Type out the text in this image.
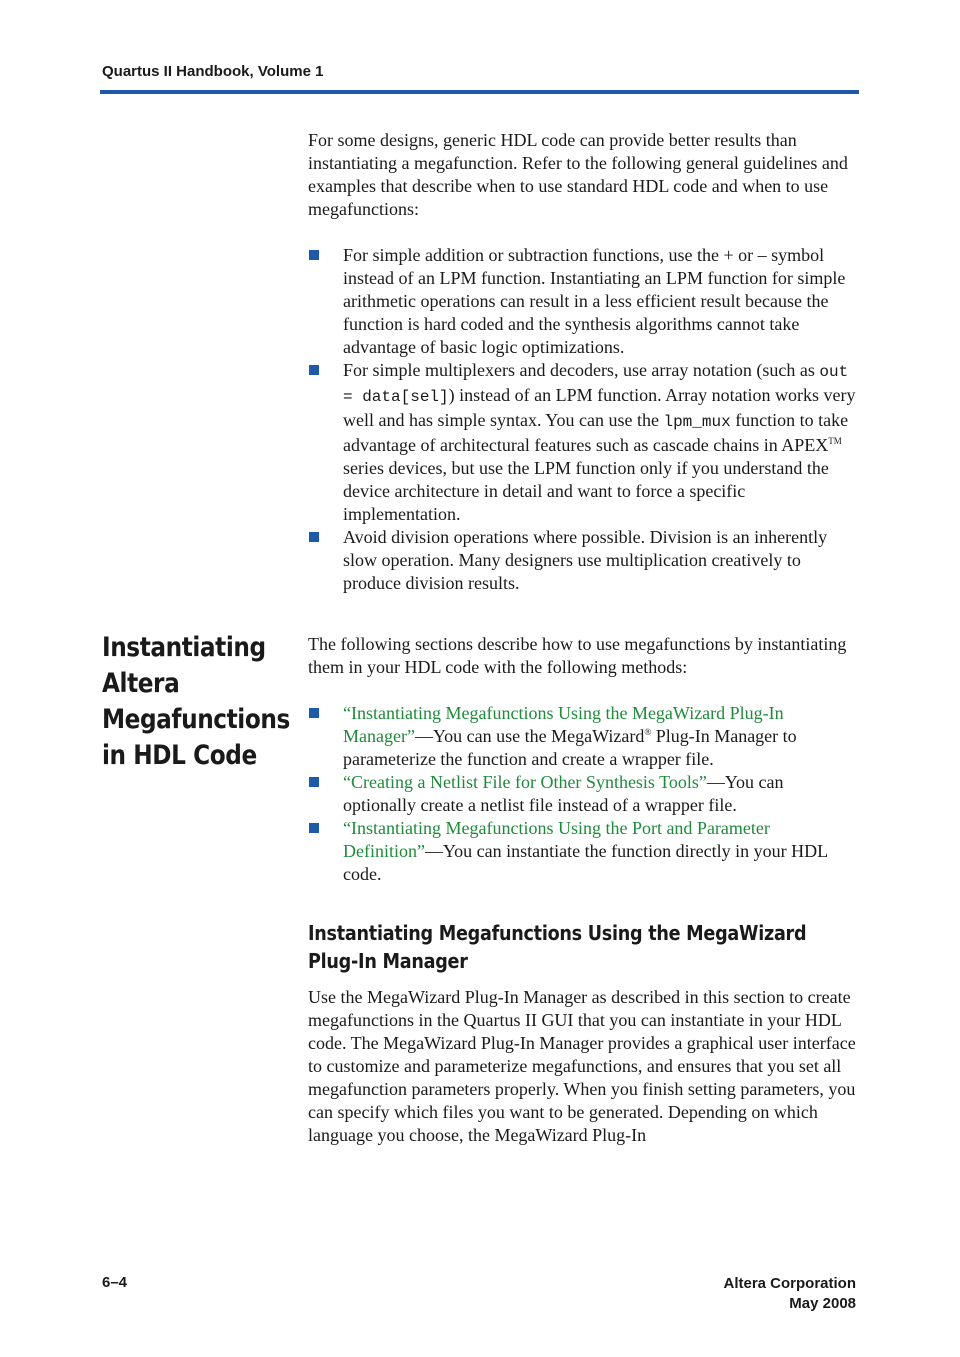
Quartus II Handbook, Volume 1

For some designs, generic HDL code can provide better results than instantiating a megafunction. Refer to the following general guidelines and examples that describe when to use standard HDL code and when to use megafunctions:

For simple addition or subtraction functions, use the + or – symbol instead of an LPM function. Instantiating an LPM function for simple arithmetic operations can result in a less efficient result because the function is hard coded and the synthesis algorithms cannot take advantage of basic logic optimizations.
For simple multiplexers and decoders, use array notation (such as out = data[sel]) instead of an LPM function. Array notation works very well and has simple syntax. You can use the lpm_mux function to take advantage of architectural features such as cascade chains in APEX™ series devices, but use the LPM function only if you understand the device architecture in detail and want to force a specific implementation.
Avoid division operations where possible. Division is an inherently slow operation. Many designers use multiplication creatively to produce division results.
Instantiating
Altera
Megafunctions
in HDL Code

The following sections describe how to use megafunctions by instantiating them in your HDL code with the following methods:

“Instantiating Megafunctions Using the MegaWizard Plug-In Manager”—You can use the MegaWizard® Plug-In Manager to parameterize the function and create a wrapper file.
“Creating a Netlist File for Other Synthesis Tools”—You can optionally create a netlist file instead of a wrapper file.
“Instantiating Megafunctions Using the Port and Parameter Definition”—You can instantiate the function directly in your HDL code.
Instantiating Megafunctions Using the MegaWizard Plug-In Manager

Use the MegaWizard Plug-In Manager as described in this section to create megafunctions in the Quartus II GUI that you can instantiate in your HDL code. The MegaWizard Plug-In Manager provides a graphical user interface to customize and parameterize megafunctions, and ensures that you set all megafunction parameters properly. When you finish setting parameters, you can specify which files you want to be generated. Depending on which language you choose, the MegaWizard Plug-In

6–4	Altera Corporation
May 2008
